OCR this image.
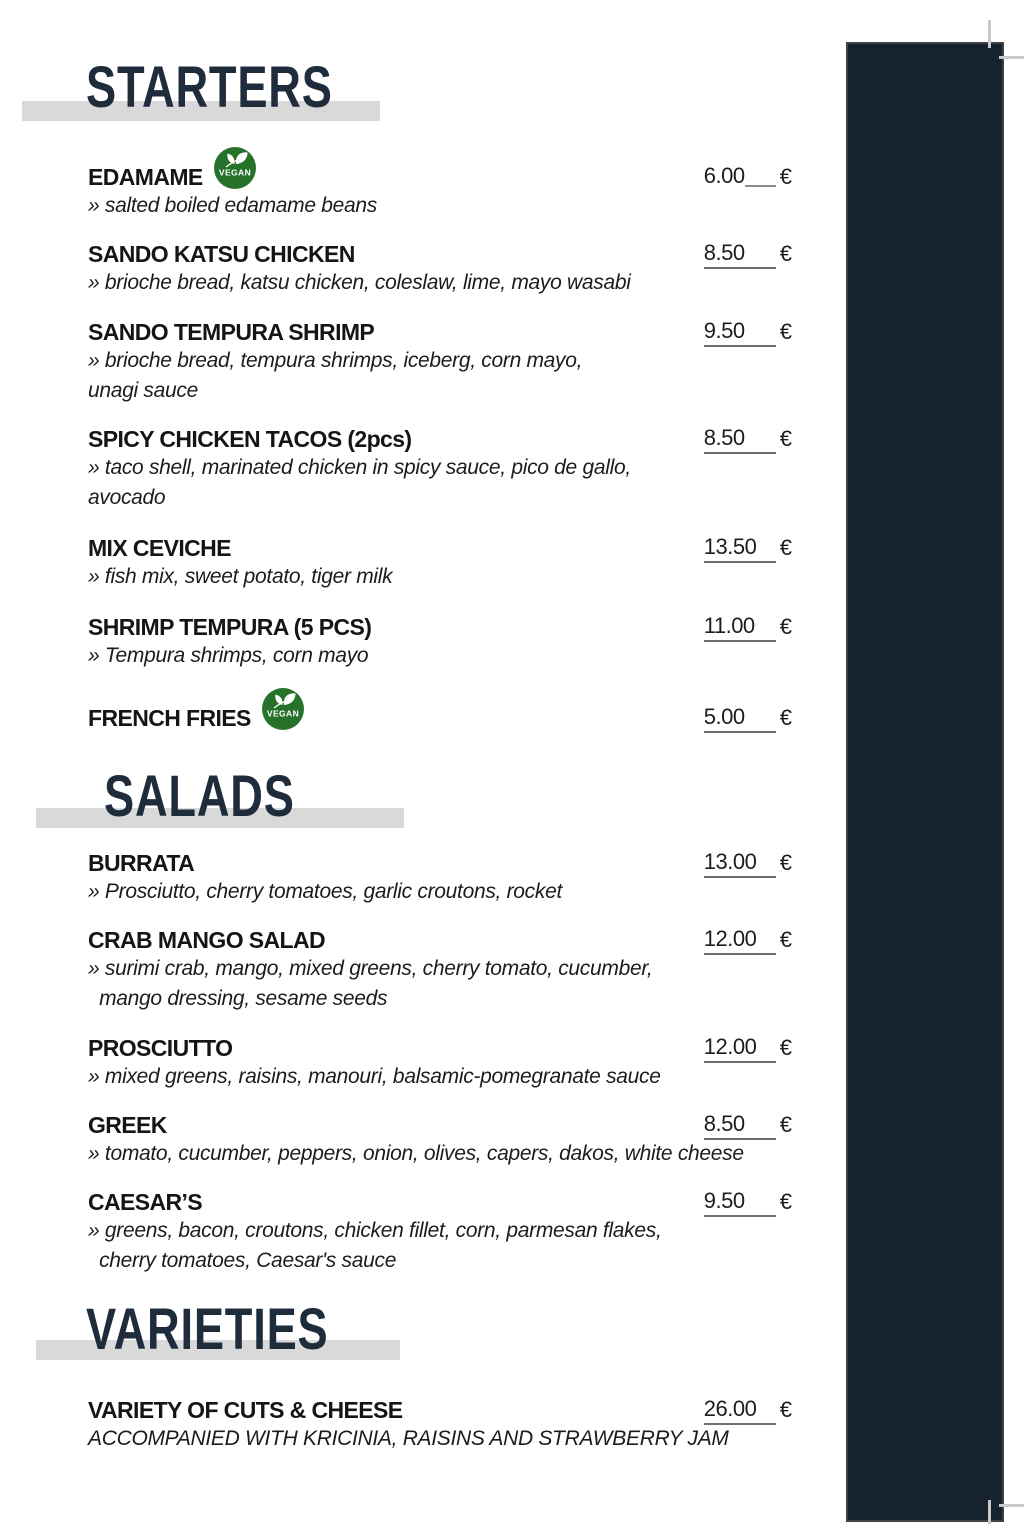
STARTERS
EDAMAME VEGAN	6.00 €
» salted boiled edamame beans
SANDO KATSU CHICKEN	8.50 €
» brioche bread, katsu chicken, coleslaw, lime, mayo wasabi
SANDO TEMPURA SHRIMP	9.50 €
» brioche bread, tempura shrimps, iceberg, corn mayo,
unagi sauce
SPICY CHICKEN TACOS (2pcs)	8.50 €
» taco shell, marinated chicken in spicy sauce, pico de gallo,
avocado
MIX CEVICHE	13.50 €
» fish mix, sweet potato, tiger milk
SHRIMP TEMPURA (5 PCS)	11.00 €
» Tempura shrimps, corn mayo
FRENCH FRIES VEGAN	5.00 €
SALADS
BURRATA	13.00 €
» Prosciutto, cherry tomatoes, garlic croutons, rocket
CRAB MANGO SALAD	12.00 €
» surimi crab, mango, mixed greens, cherry tomato, cucumber,
mango dressing, sesame seeds
PROSCIUTTO	12.00 €
» mixed greens, raisins, manouri, balsamic-pomegranate sauce
GREEK	8.50 €
» tomato, cucumber, peppers, onion, olives, capers, dakos, white cheese
CAESAR’S	9.50 €
» greens, bacon, croutons, chicken fillet, corn, parmesan flakes,
cherry tomatoes, Caesar's sauce
VARIETIES
VARIETY OF CUTS & CHEESE	26.00 €
ACCOMPANIED WITH KRICINIA, RAISINS AND STRAWBERRY JAM
